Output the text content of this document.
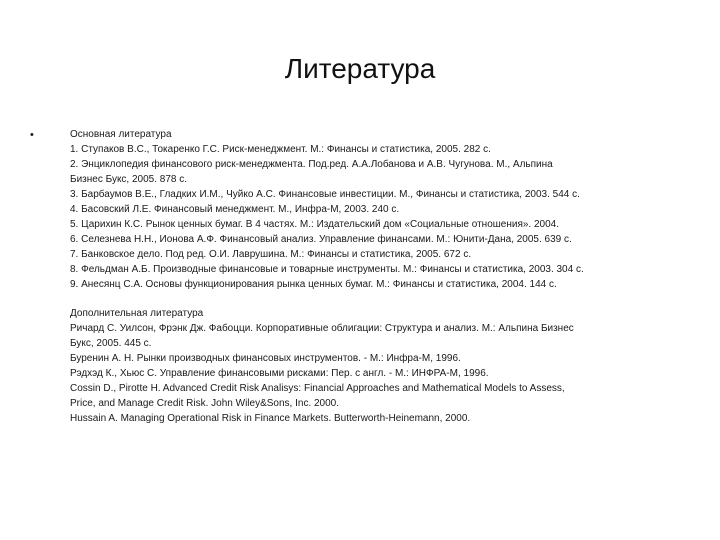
Литература
•	Основная литература
1. Ступаков В.С., Токаренко Г.С. Риск-менеджмент. М.: Финансы и статистика, 2005. 282 с.
2. Энциклопедия финансового риск-менеджмента. Под.ред. А.А.Лобанова и А.В. Чугунова. М., Альпина
Бизнес Букс, 2005. 878 с.
3. Барбаумов В.Е., Гладких И.М., Чуйко А.С. Финансовые инвестиции. М., Финансы и статистика, 2003. 544 с.
4. Басовский Л.Е. Финансовый менеджмент. М., Инфра-М, 2003. 240 с.
5. Царихин К.С. Рынок ценных бумаг. В 4 частях. М.: Издательский дом «Социальные отношения». 2004.
6. Селезнева Н.Н., Ионова А.Ф. Финансовый анализ. Управление финансами. М.: Юнити-Дана, 2005. 639 с.
7. Банковское дело. Под ред. О.И. Лаврушина. М.: Финансы и статистика, 2005. 672 с.
8. Фельдман А.Б. Производные финансовые и товарные инструменты. М.: Финансы и статистика, 2003. 304 с.
9. Анесянц С.А. Основы функционирования рынка ценных бумаг. М.: Финансы и статистика, 2004. 144 с.
Дополнительная литература
Ричард С. Уилсон, Фрэнк Дж. Фабоцци. Корпоративные облигации: Структура и анализ. М.: Альпина Бизнес
Букс, 2005. 445 с.
Буренин А. Н. Рынки производных финансовых инструментов. - М.: Инфра-М, 1996.
Рэдхэд К., Хьюс С. Управление финансовыми рисками: Пер. с англ. - М.: ИНФРА-М, 1996.
Cossin D., Pirotte H. Advanced Credit Risk Analisys: Financial Approaches and Mathematical Models to Assess,
Price, and Manage Credit Risk. John Wiley&Sons, Inc. 2000.
Hussain A. Managing Operational Risk in Finance Markets. Butterworth-Heinemann, 2000.
